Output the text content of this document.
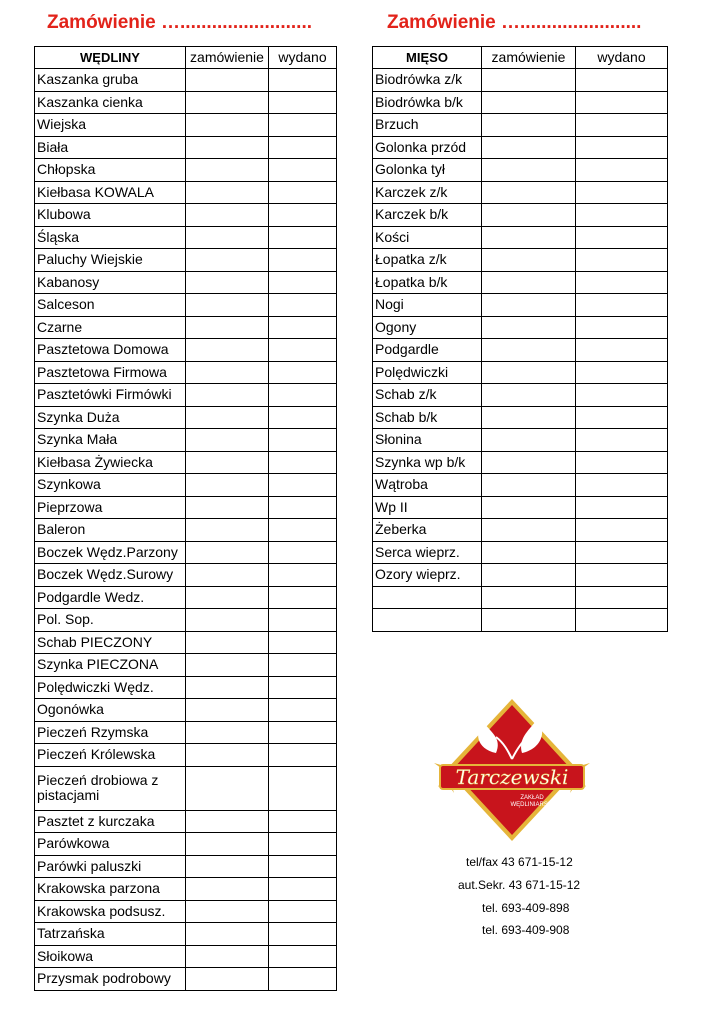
Zamówienie ….........................	Zamówienie ….......................
WĘDLINY	zamówienie	wydano
Kaszanka gruba		
Kaszanka cienka		
Wiejska		
Biała		
Chłopska		
Kiełbasa KOWALA		
Klubowa		
Śląska		
Paluchy Wiejskie		
Kabanosy		
Salceson		
Czarne		
Pasztetowa Domowa		
Pasztetowa Firmowa		
Pasztetówki Firmówki		
Szynka Duża		
Szynka Mała		
Kiełbasa Żywiecka		
Szynkowa		
Pieprzowa		
Baleron		
Boczek Wędz.Parzony		
Boczek Wędz.Surowy		
Podgardle Wedz.		
Pol. Sop.		
Schab PIECZONY		
Szynka PIECZONA		
Polędwiczki Wędz.		
Ogonówka		
Pieczeń Rzymska		
Pieczeń Królewska		
Pieczeń drobiowa z pistacjami		
Pasztet z kurczaka		
Parówkowa		
Parówki paluszki		
Krakowska parzona		
Krakowska podsusz.		
Tatrzańska		
Słoikowa		
Przysmak podrobowy		
MIĘSO	zamówienie	wydano
Biodrówka z/k		
Biodrówka b/k		
Brzuch		
Golonka przód		
Golonka tył		
Karczek z/k		
Karczek b/k		
Kości		
Łopatka z/k		
Łopatka b/k		
Nogi		
Ogony		
Podgardle		
Polędwiczki		
Schab z/k		
Schab b/k		
Słonina		
Szynka wp b/k		
Wątroba		
Wp II		
Żeberka		
Serca wieprz.		
Ozory wieprz.		

Tarczewski
ZAKŁAD
WĘDLINIARSKI
tel/fax 43 671-15-12
aut.Sekr. 43 671-15-12
tel. 693-409-898
tel. 693-409-908
